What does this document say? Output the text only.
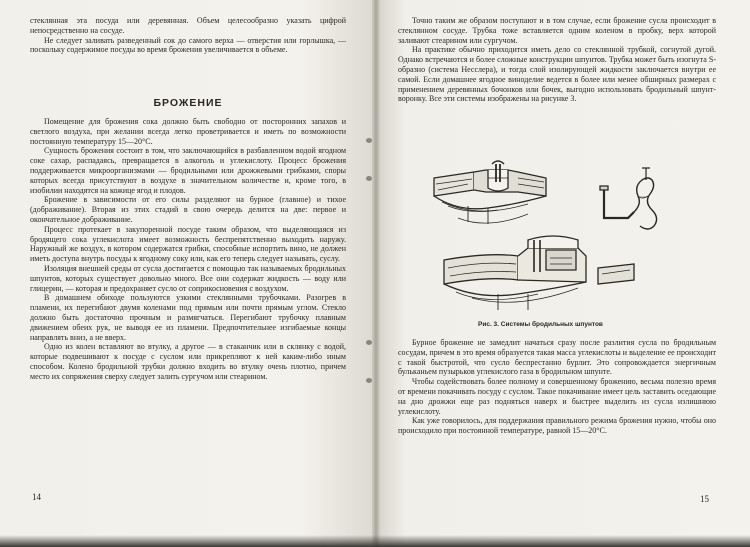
стеклянная эта посуда или деревянная. Объем целесообразно указать цифрой непосредственно на сосуде.

Не следует заливать разведенный сок до самого верха — отверстия или горлышка, — поскольку содержимое посуды во время брожения увеличивается в объеме.

БРОЖЕНИЕ

Помещение для брожения сока должно быть свободно от посторонних запахов и светлого воздуха, при желании всегда легко проветривается и иметь по возможности постоянную температуру 15—20°С.

Сущность брожения состоит в том, что заключающийся в разбавленном водой ягодном соке сахар, распадаясь, превращается в алкоголь и углекислоту. Процесс брожения поддерживается микроорганизмами — бродильными или дрожжевыми грибками, споры которых всегда присутствуют в воздухе в значительном количестве и, кроме того, в изобилии находятся на кожице ягод и плодов.

Брожение в зависимости от его силы разделяют на бурное (главное) и тихое (дображивание). Вторая из этих стадий в свою очередь делится на две: первое и окончательное дображивание.

Процесс протекает в закупоренной посуде таким образом, что выделяющаяся из бродящего сока углекислота имеет возможность беспрепятственно выходить наружу. Наружный же воздух, в котором содержатся грибки, способные испортить вино, не должен иметь доступа внутрь посуды к ягодному соку или, как его теперь следует называть, суслу.

Изоляция внешней среды от сусла достигается с помощью так называемых бродильных шпунтов, которых существует довольно много. Все они содержат жидкость — воду или глицерин, — которая и предохраняет сусло от соприкосновения с воздухом.

В домашнем обиходе пользуются узкими стеклянными трубочками. Разогрев в пламени, их перегибают двумя коленами под прямым или почти прямым углом. Стекло должно быть достаточно прочным и размягчаться. Перегибают трубочку плавным движением обеих рук, не выводя ее из пламени. Предпочтительнее изгибаемые концы направлять вниз, а не вверх.

Одно из колен вставляют во втулку, а другое — в стаканчик или в склянку с водой, которые подвешивают к посуде с суслом или прикрепляют к ней каким-либо иным способом. Колено бродильной трубки должно входить во втулку очень плотно, причем место их сопряжения сверху следует залить сургучом или стеарином.

14

Точно таким же образом поступают и в том случае, если брожение сусла происходит в стеклянном сосуде. Трубка тоже вставляется одним коленом в пробку, верх которой заливают стеарином или сургучом.

На практике обычно приходится иметь дело со стеклянной трубкой, согнутой дугой. Однако встречаются и более сложные конструкции шпунтов. Трубка может быть изогнута S-образно (система Несслера), и тогда слой изолирующей жидкости заключается внутри ее самой. Если домашнее ягодное виноделие ведется в более или менее обширных размерах с применением деревянных бочонков или бочек, выгодно использовать бродильный шпунт-воронку. Все эти системы изображены на рисунке 3.

Рис. 3. Системы бродильных шпунтов

Бурное брожение не замедлит начаться сразу после разлития сусла по бродильным сосудам, причем в это время образуется такая масса углекислоты и выделение ее происходит с такой быстротой, что сусло беспрестанно бурлит. Это сопровождается энергичным бульканьем пузырьков углекислого газа в бродильном шпунте.

Чтобы содействовать более полному и совершенному брожению, весьма полезно время от времени покачивать посуду с суслом. Такое покачивание имеет цель заставить оседающие на дно дрожжи еще раз подняться наверх и быстрее выделить из сусла излишнюю углекислоту.

Как уже говорилось, для поддержания правильного режима брожения нужно, чтобы оно происходило при постоянной температуре, равной 15—20°С.

15
